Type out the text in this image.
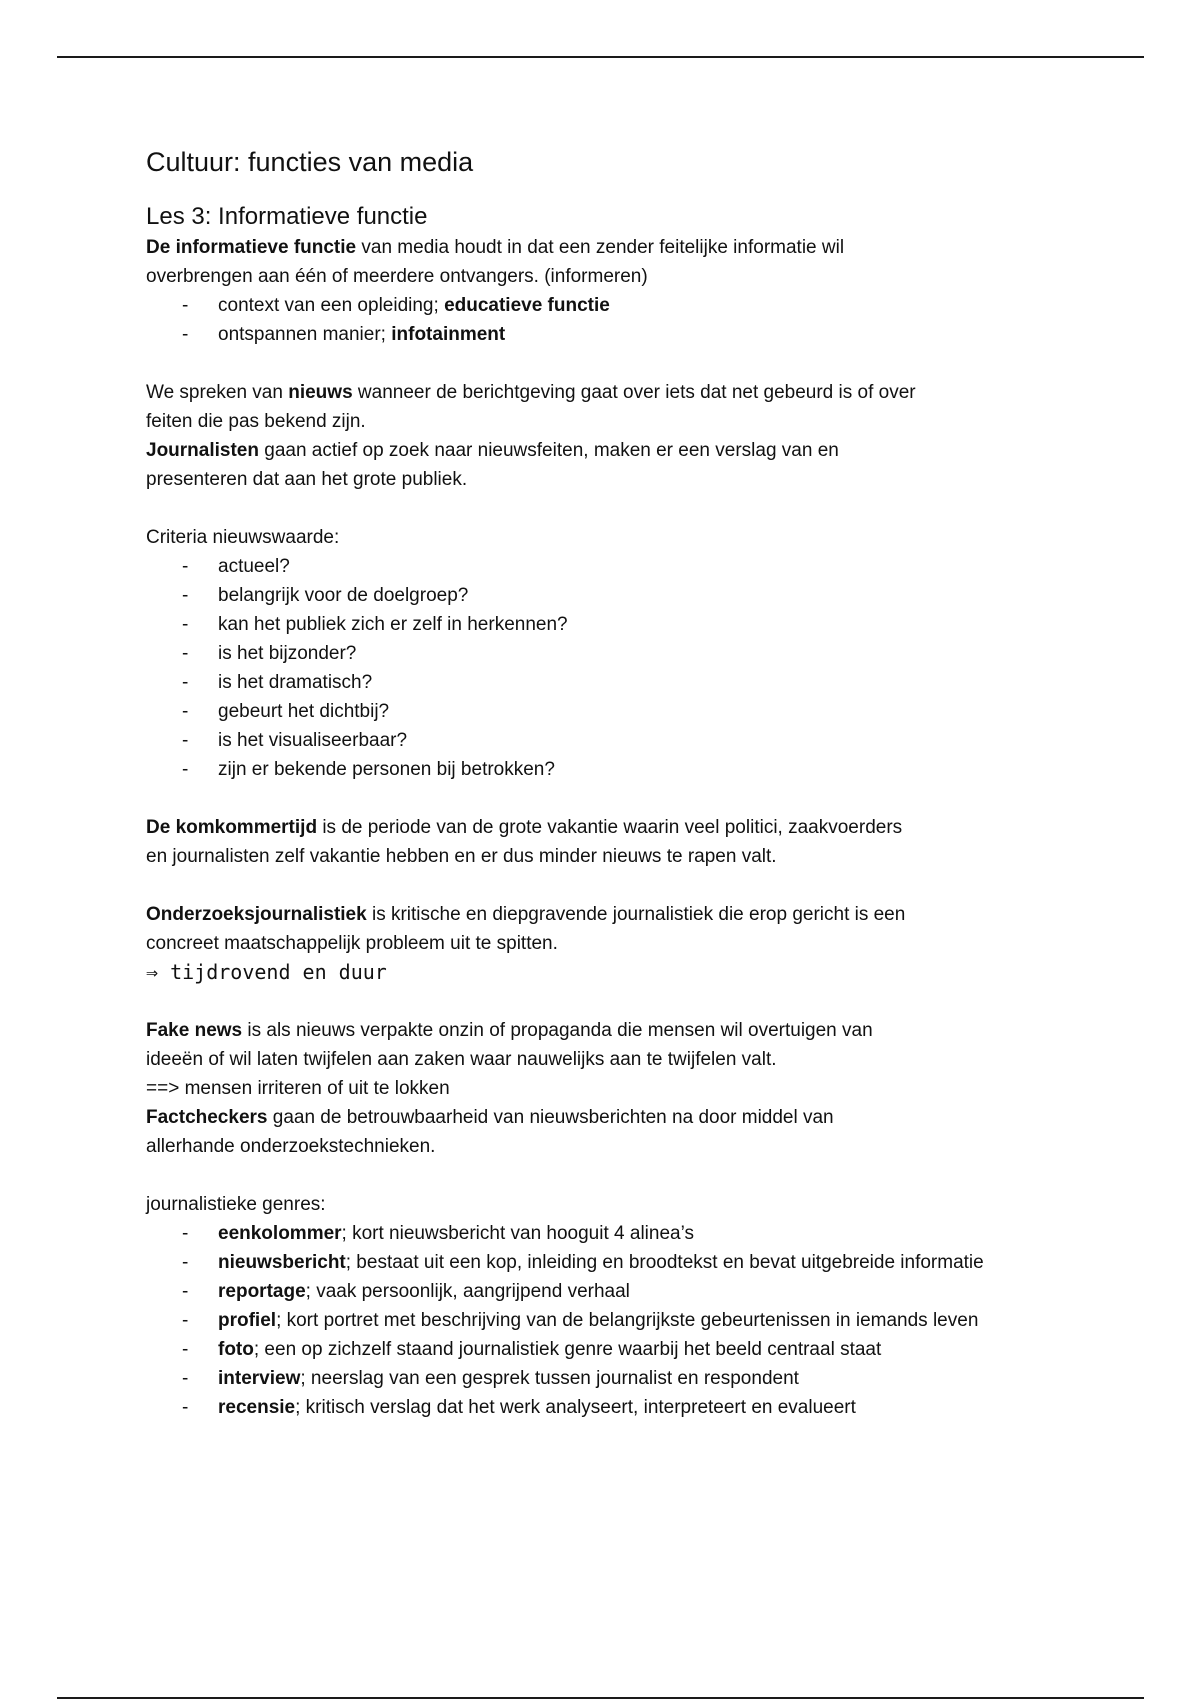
Cultuur: functies van media
Les 3: Informatieve functie

De informatieve functie van media houdt in dat een zender feitelijke informatie wil
overbrengen aan één of meerdere ontvangers. (informeren)

- context van een opleiding; educatieve functie
- ontspannen manier; infotainment

We spreken van nieuws wanneer de berichtgeving gaat over iets dat net gebeurd is of over
feiten die pas bekend zijn.

Journalisten gaan actief op zoek naar nieuwsfeiten, maken er een verslag van en
presenteren dat aan het grote publiek.

Criteria nieuwswaarde:

- actueel?
- belangrijk voor de doelgroep?
- kan het publiek zich er zelf in herkennen?
- is het bijzonder?
- is het dramatisch?
- gebeurt het dichtbij?
- is het visualiseerbaar?
- zijn er bekende personen bij betrokken?

De komkommertijd is de periode van de grote vakantie waarin veel politici, zaakvoerders
en journalisten zelf vakantie hebben en er dus minder nieuws te rapen valt.

Onderzoeksjournalistiek is kritische en diepgravende journalistiek die erop gericht is een
concreet maatschappelijk probleem uit te spitten.

⇒ tijdrovend en duur

Fake news is als nieuws verpakte onzin of propaganda die mensen wil overtuigen van
ideeën of wil laten twijfelen aan zaken waar nauwelijks aan te twijfelen valt.

==> mensen irriteren of uit te lokken

Factcheckers gaan de betrouwbaarheid van nieuwsberichten na door middel van
allerhande onderzoekstechnieken.

journalistieke genres:

- eenkolommer; kort nieuwsbericht van hooguit 4 alinea’s
- nieuwsbericht; bestaat uit een kop, inleiding en broodtekst en bevat uitgebreide informatie
- reportage; vaak persoonlijk, aangrijpend verhaal
- profiel; kort portret met beschrijving van de belangrijkste gebeurtenissen in iemands leven
- foto; een op zichzelf staand journalistiek genre waarbij het beeld centraal staat
- interview; neerslag van een gesprek tussen journalist en respondent
- recensie; kritisch verslag dat het werk analyseert, interpreteert en evalueert
